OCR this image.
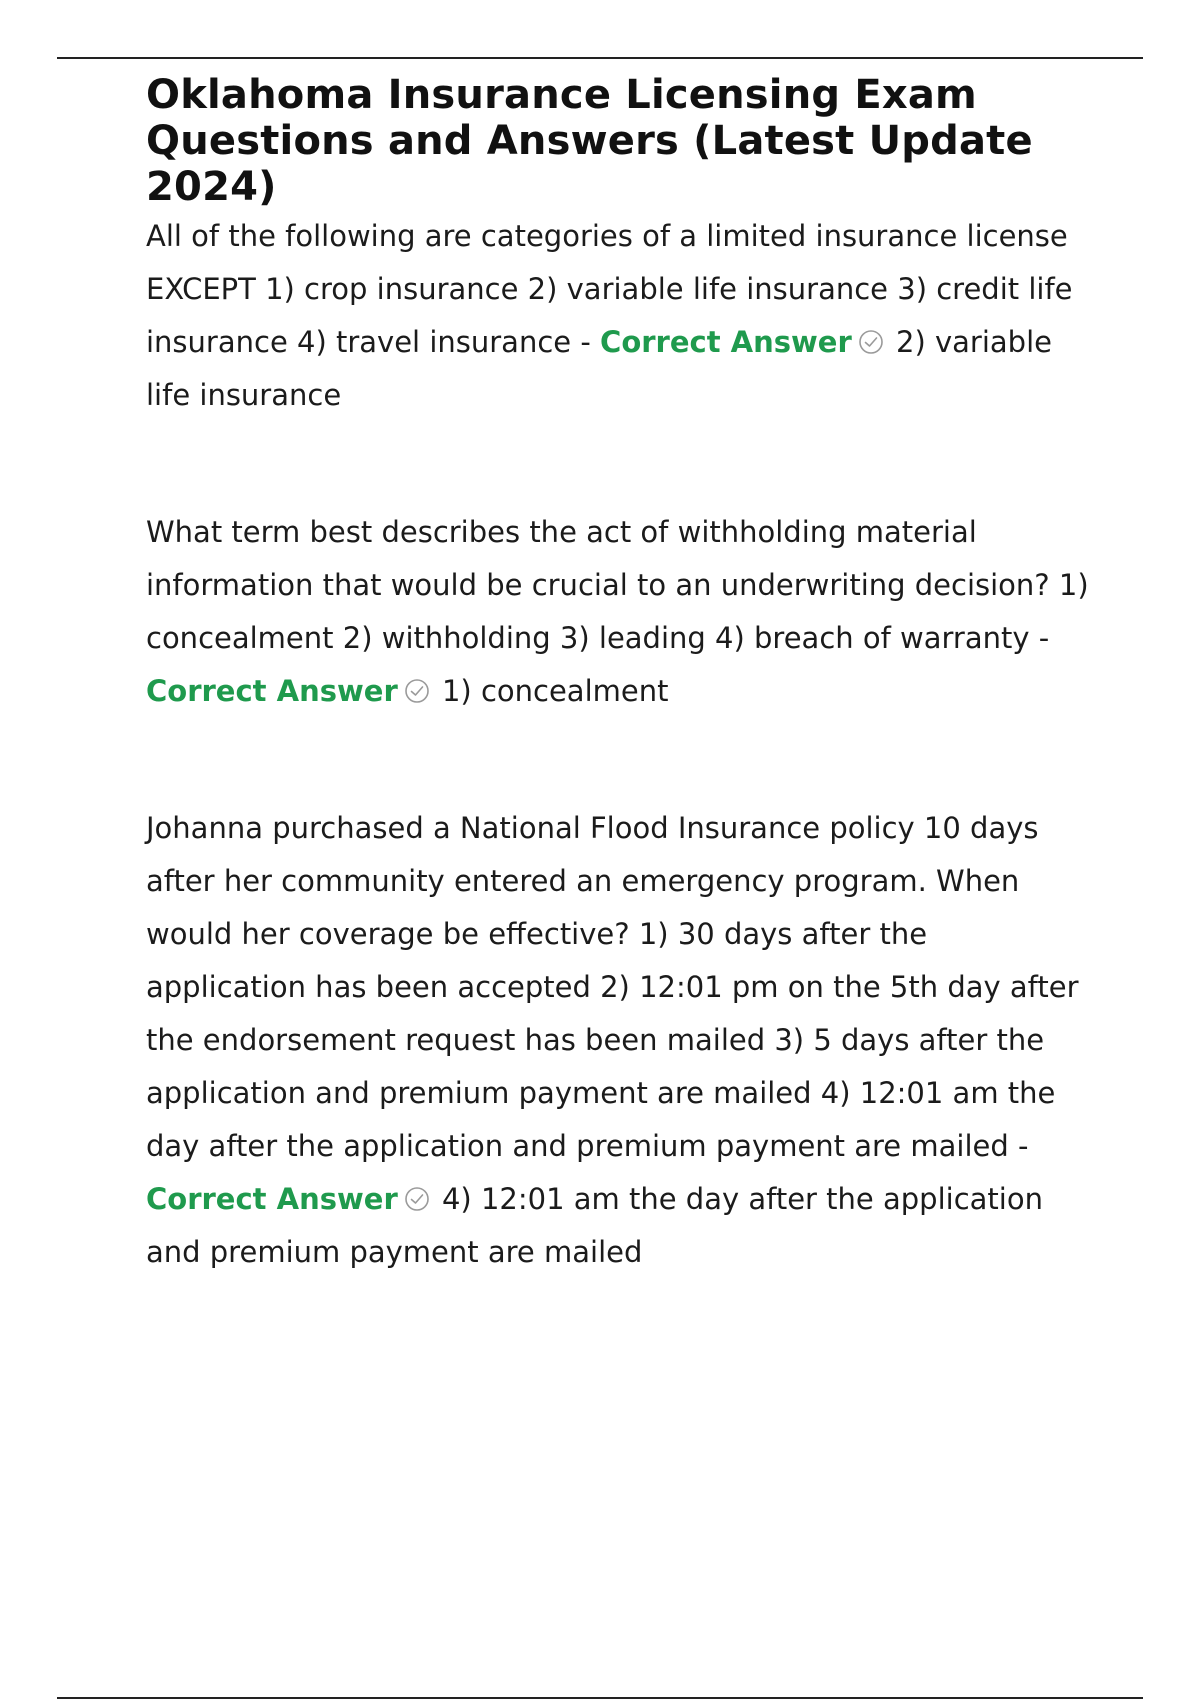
Oklahoma Insurance Licensing Exam Questions and Answers (Latest Update 2024)

All of the following are categories of a limited insurance license EXCEPT 1) crop insurance 2) variable life insurance 3) credit life insurance 4) travel insurance - Correct Answer 2) variable life insurance

What term best describes the act of withholding material information that would be crucial to an underwriting decision? 1) concealment 2) withholding 3) leading 4) breach of warranty - Correct Answer 1) concealment

Johanna purchased a National Flood Insurance policy 10 days after her community entered an emergency program. When would her coverage be effective? 1) 30 days after the application has been accepted 2) 12:01 pm on the 5th day after the endorsement request has been mailed 3) 5 days after the application and premium payment are mailed 4) 12:01 am the day after the application and premium payment are mailed - Correct Answer 4) 12:01 am the day after the application and premium payment are mailed
